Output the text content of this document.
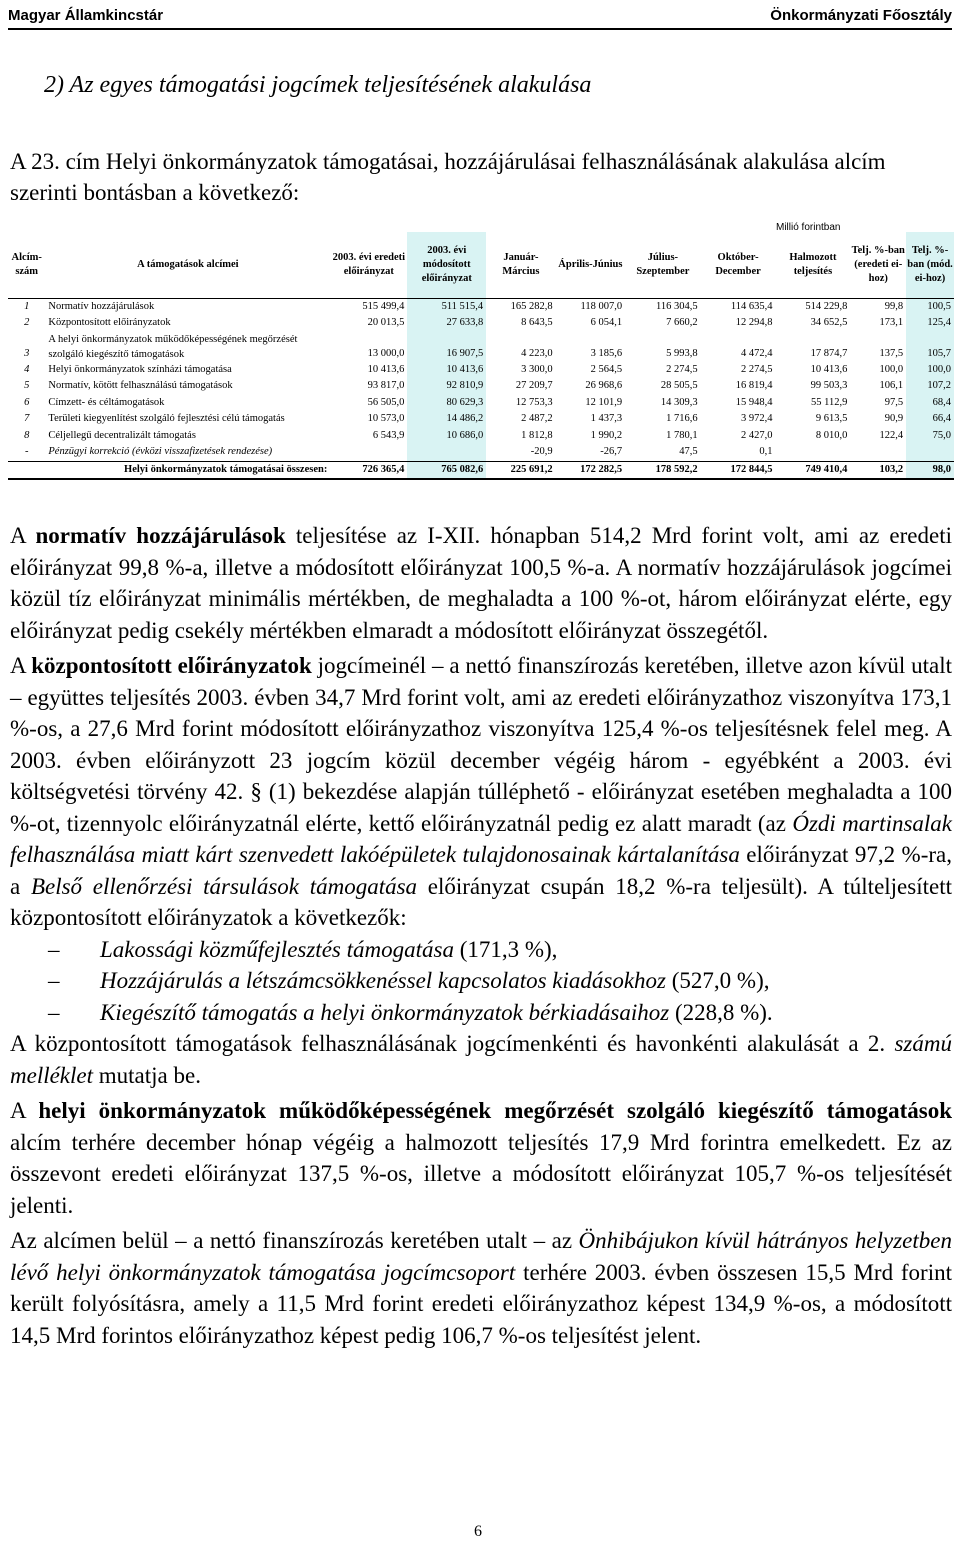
Magyar Államkincstár	Önkormányzati Főosztály
2) Az egyes támogatási jogcímek teljesítésének alakulása
A 23. cím Helyi önkormányzatok támogatásai, hozzájárulásai felhasználásának alakulása alcím szerinti bontásban a következő:
Millió forintban
Alcím-szám	A támogatások alcímei	2003. évi eredeti előirányzat	2003. évi módosított előirányzat	Január-Március	Április-Június	Július-Szeptember	Október-December	Halmozott teljesítés	Telj. %-ban (eredeti ei-hoz)	Telj. %-ban (mód. ei-hoz)
1	Normatív hozzájárulások	515 499,4	511 515,4	165 282,8	118 007,0	116 304,5	114 635,4	514 229,8	99,8	100,5
2	Központosított előirányzatok	20 013,5	27 633,8	8 643,5	6 054,1	7 660,2	12 294,8	34 652,5	173,1	125,4
3	A helyi önkormányzatok működőképességének megőrzését szolgáló kiegészítő támogatások	13 000,0	16 907,5	4 223,0	3 185,6	5 993,8	4 472,4	17 874,7	137,5	105,7
4	Helyi önkormányzatok színházi támogatása	10 413,6	10 413,6	3 300,0	2 564,5	2 274,5	2 274,5	10 413,6	100,0	100,0
5	Normatív, kötött felhasználású támogatások	93 817,0	92 810,9	27 209,7	26 968,6	28 505,5	16 819,4	99 503,3	106,1	107,2
6	Címzett- és céltámogatások	56 505,0	80 629,3	12 753,3	12 101,9	14 309,3	15 948,4	55 112,9	97,5	68,4
7	Területi kiegyenlítést szolgáló fejlesztési célú támogatás	10 573,0	14 486,2	2 487,2	1 437,3	1 716,6	3 972,4	9 613,5	90,9	66,4
8	Céljellegű decentralizált támogatás	6 543,9	10 686,0	1 812,8	1 990,2	1 780,1	2 427,0	8 010,0	122,4	75,0
-	Pénzügyi korrekció (évközi visszafizetések rendezése)			-20,9	-26,7	47,5	0,1			
Helyi önkormányzatok támogatásai összesen:		726 365,4	765 082,6	225 691,2	172 282,5	178 592,2	172 844,5	749 410,4	103,2	98,0

A normatív hozzájárulások teljesítése az I-XII. hónapban 514,2 Mrd forint volt, ami az eredeti előirányzat 99,8 %-a, illetve a módosított előirányzat 100,5 %-a. A normatív hozzájárulások jogcímei közül tíz előirányzat minimális mértékben, de meghaladta a 100 %-ot, három előirányzat elérte, egy előirányzat pedig csekély mértékben elmaradt a módosított előirányzat összegétől.

A központosított előirányzatok jogcímeinél – a nettó finanszírozás keretében, illetve azon kívül utalt – együttes teljesítés 2003. évben 34,7 Mrd forint volt, ami az eredeti előirányzathoz viszonyítva 173,1 %-os, a 27,6 Mrd forint módosított előirányzathoz viszonyítva 125,4 %-os teljesítésnek felel meg. A 2003. évben előirányzott 23 jogcím közül december végéig három - egyébként a 2003. évi költségvetési törvény 42. § (1) bekezdése alapján túlléphető - előirányzat esetében meghaladta a 100 %-ot, tizennyolc előirányzatnál elérte, kettő előirányzatnál pedig ez alatt maradt (az Ózdi martinsalak felhasználása miatt kárt szenvedett lakóépületek tulajdonosainak kártalanítása előirányzat 97,2 %-ra, a Belső ellenőrzési társulások támogatása előirányzat csupán 18,2 %-ra teljesült). A túlteljesített központosított előirányzatok a következők:

– Lakossági közműfejlesztés támogatása (171,3 %),
– Hozzájárulás a létszámcsökkenéssel kapcsolatos kiadásokhoz (527,0 %),
– Kiegészítő támogatás a helyi önkormányzatok bérkiadásaihoz (228,8 %).

A központosított támogatások felhasználásának jogcímenkénti és havonkénti alakulását a 2. számú melléklet mutatja be.

A helyi önkormányzatok működőképességének megőrzését szolgáló kiegészítő támogatások alcím terhére december hónap végéig a halmozott teljesítés 17,9 Mrd forintra emelkedett. Ez az összevont eredeti előirányzat 137,5 %-os, illetve a módosított előirányzat 105,7 %-os teljesítését jelenti.

Az alcímen belül – a nettó finanszírozás keretében utalt – az Önhibájukon kívül hátrányos helyzetben lévő helyi önkormányzatok támogatása jogcímcsoport terhére 2003. évben összesen 15,5 Mrd forint került folyósításra, amely a 11,5 Mrd forint eredeti előirányzathoz képest 134,9 %-os, a módosított 14,5 Mrd forintos előirányzathoz képest pedig 106,7 %-os teljesítést jelent.

6
